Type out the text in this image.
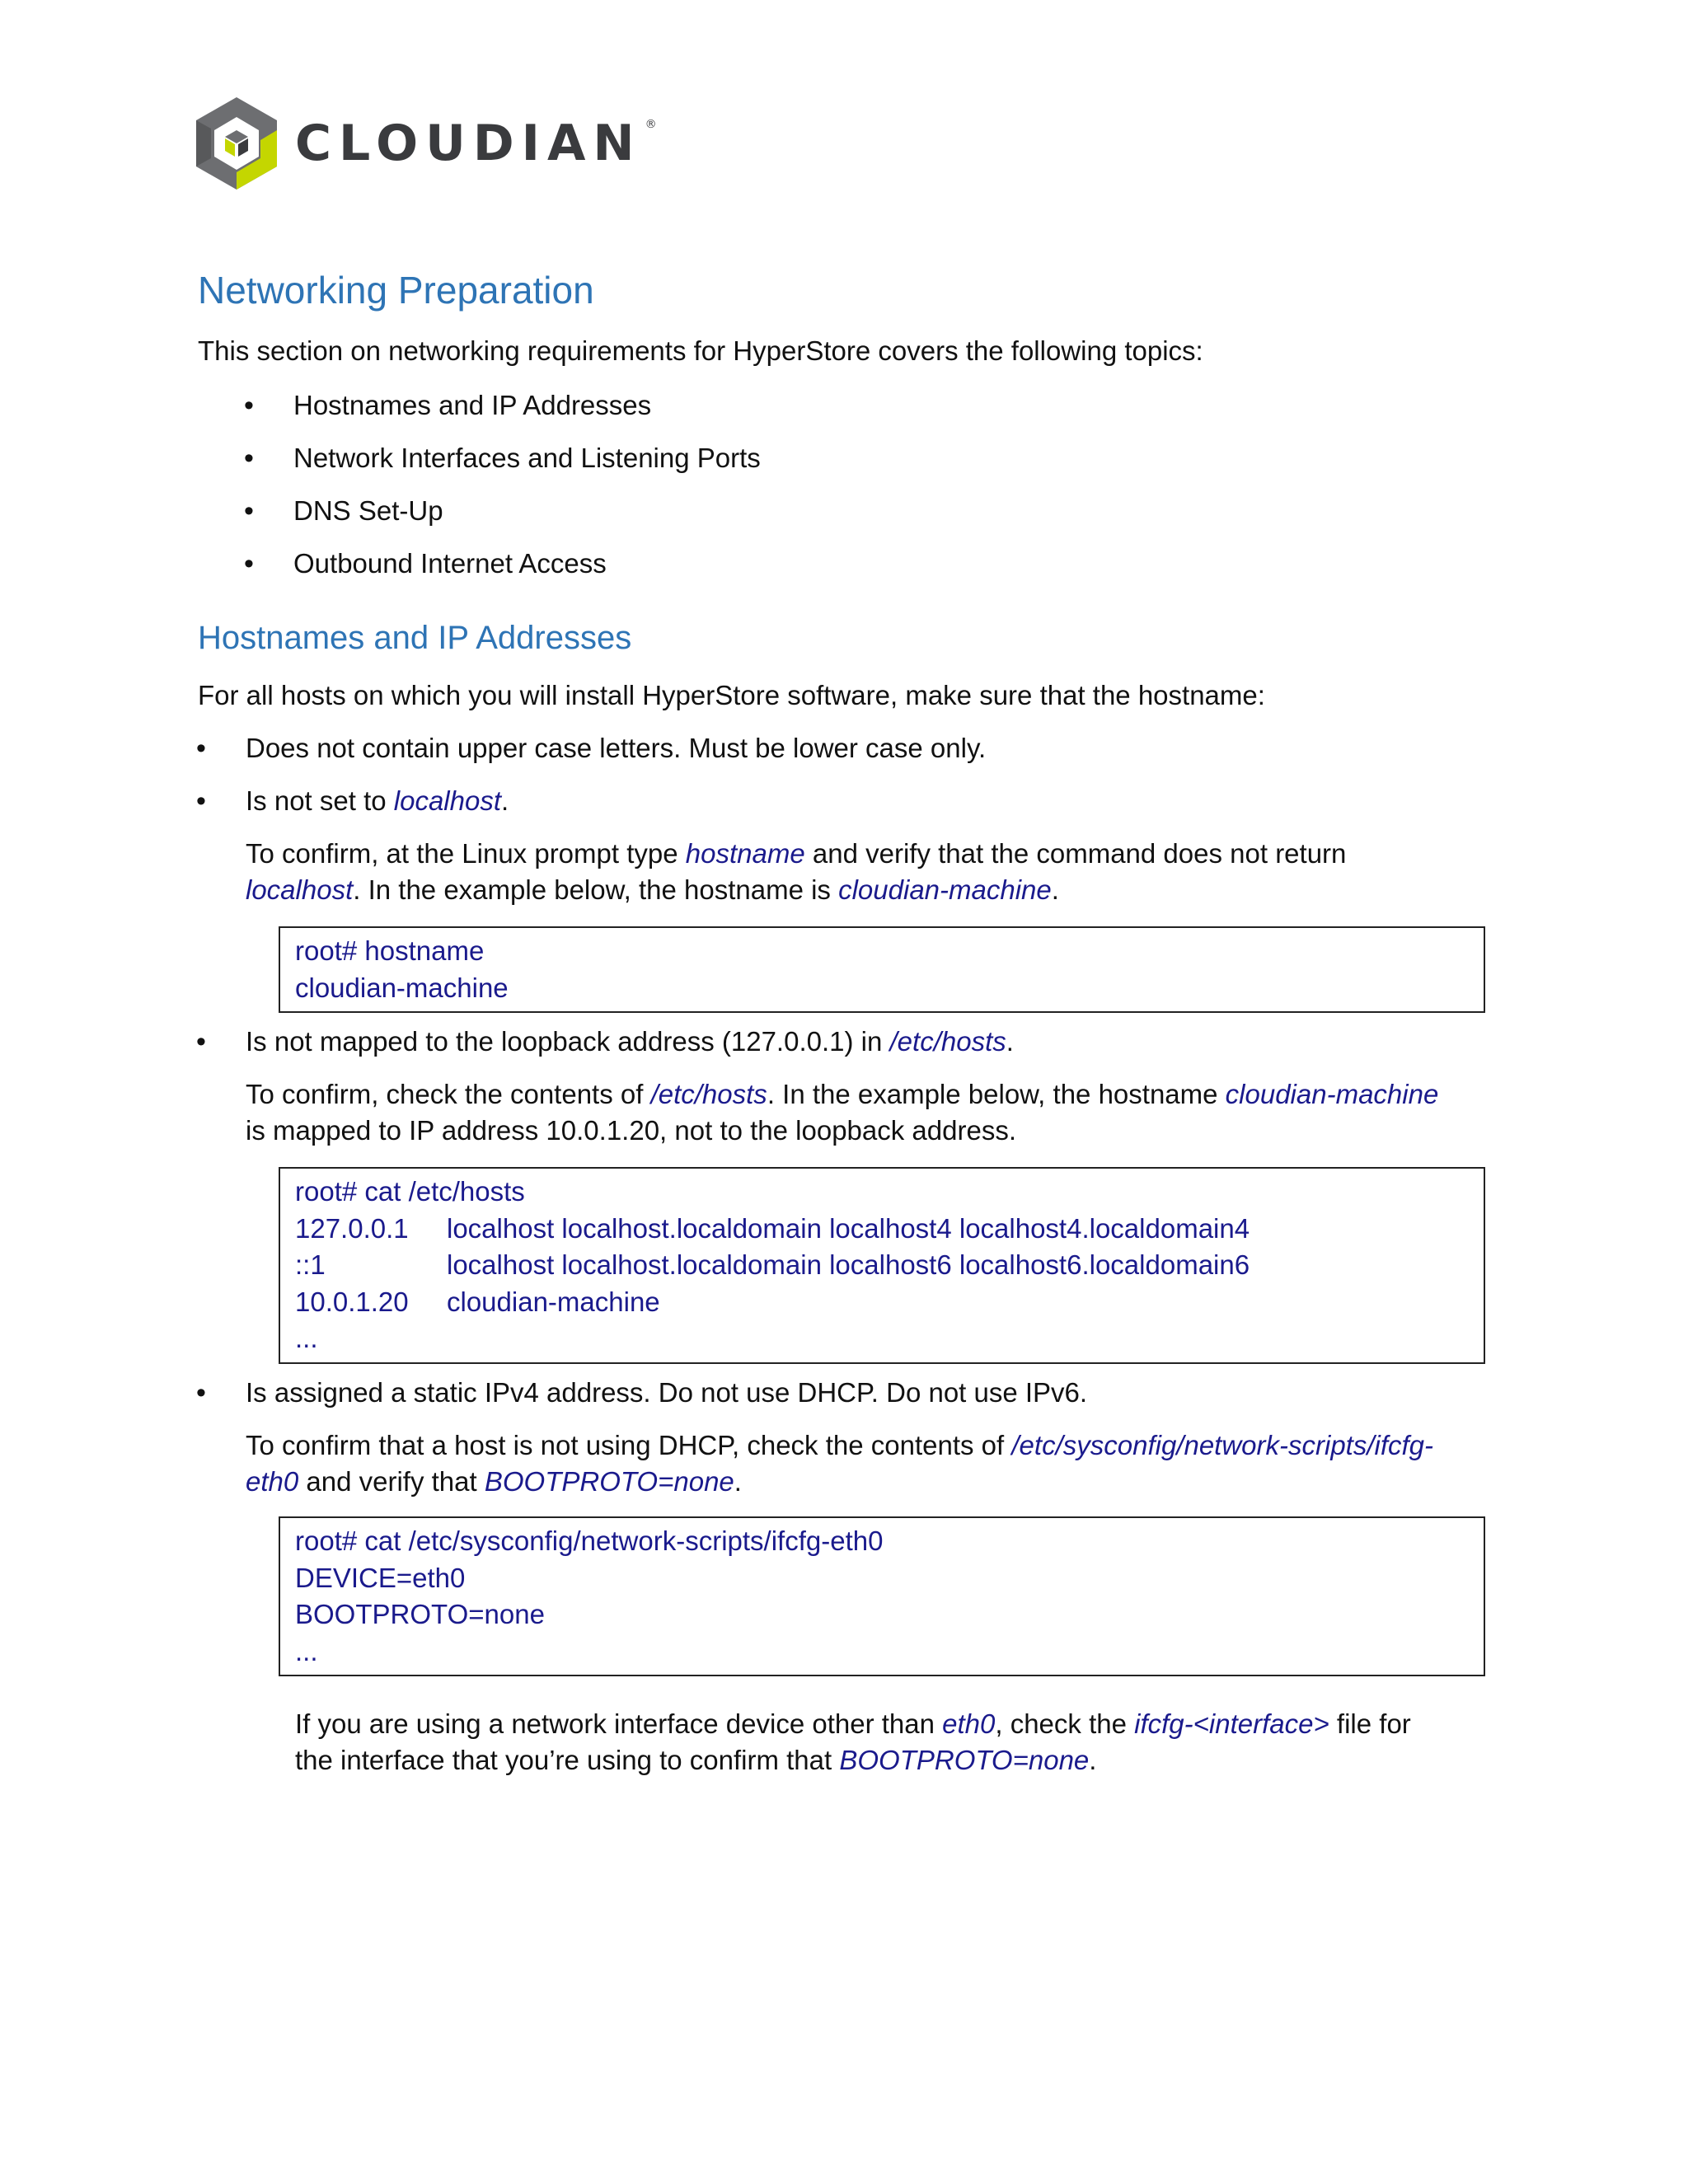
CLOUDIAN ®
Networking Preparation

This section on networking requirements for HyperStore covers the following topics:

• Hostnames and IP Addresses

• Network Interfaces and Listening Ports

• DNS Set-Up

• Outbound Internet Access

Hostnames and IP Addresses

For all hosts on which you will install HyperStore software, make sure that the hostname:

• Does not contain upper case letters. Must be lower case only.

• Is not set to localhost.

To confirm, at the Linux prompt type hostname and verify that the command does not return
localhost. In the example below, the hostname is cloudian-machine.

root# hostname
cloudian-machine
• Is not mapped to the loopback address (127.0.0.1) in /etc/hosts.

To confirm, check the contents of /etc/hosts. In the example below, the hostname cloudian-machine
is mapped to IP address 10.0.1.20, not to the loopback address.

root# cat /etc/hosts
127.0.0.1	localhost localhost.localdomain localhost4 localhost4.localdomain4
::1	localhost localhost.localdomain localhost6 localhost6.localdomain6
10.0.1.20	cloudian-machine
...
• Is assigned a static IPv4 address. Do not use DHCP. Do not use IPv6.

To confirm that a host is not using DHCP, check the contents of /etc/sysconfig/network-scripts/ifcfg-
eth0 and verify that BOOTPROTO=none.

root# cat /etc/sysconfig/network-scripts/ifcfg-eth0
DEVICE=eth0
BOOTPROTO=none
...

If you are using a network interface device other than eth0, check the ifcfg-<interface> file for
the interface that you’re using to confirm that BOOTPROTO=none.
